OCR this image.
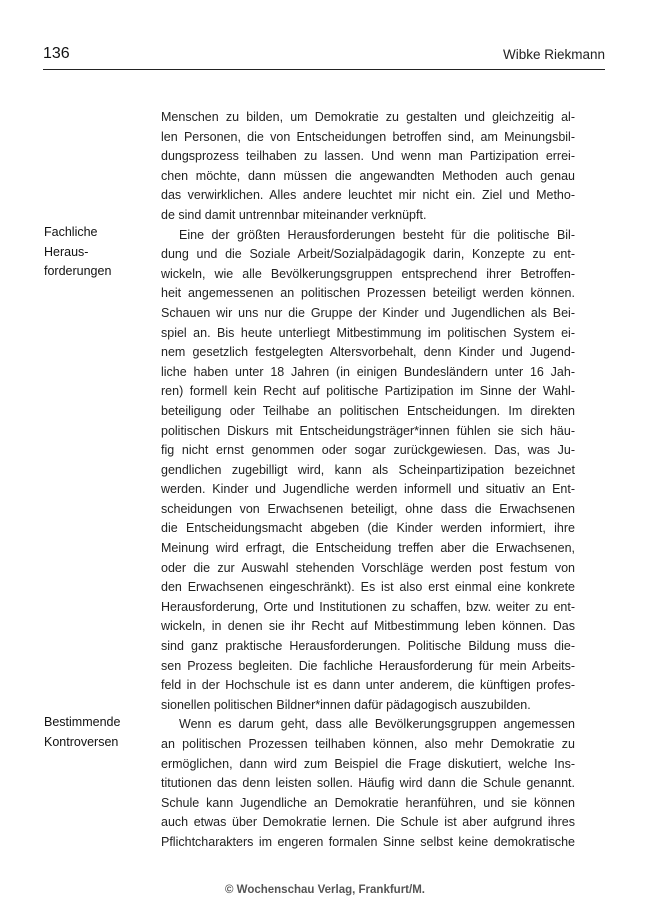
136	Wibke Riekmann
Fachliche
Heraus-
forderungen
Bestimmende
Kontroversen
Menschen zu bilden, um Demokratie zu gestalten und gleichzeitig al-
len Personen, die von Entscheidungen betroffen sind, am Meinungsbil-
dungsprozess teilhaben zu lassen. Und wenn man Partizipation errei-
chen möchte, dann müssen die angewandten Methoden auch genau
das verwirklichen. Alles andere leuchtet mir nicht ein. Ziel und Metho-
de sind damit untrennbar miteinander verknüpft.
Eine der größten Herausforderungen besteht für die politische Bil-
dung und die Soziale Arbeit/Sozialpädagogik darin, Konzepte zu ent-
wickeln, wie alle Bevölkerungsgruppen entsprechend ihrer Betroffen-
heit angemessenen an politischen Prozessen beteiligt werden können.
Schauen wir uns nur die Gruppe der Kinder und Jugendlichen als Bei-
spiel an. Bis heute unterliegt Mitbestimmung im politischen System ei-
nem gesetzlich festgelegten Altersvorbehalt, denn Kinder und Jugend-
liche haben unter 18 Jahren (in einigen Bundesländern unter 16 Jah-
ren) formell kein Recht auf politische Partizipation im Sinne der Wahl-
beteiligung oder Teilhabe an politischen Entscheidungen. Im direkten
politischen Diskurs mit Entscheidungsträger*innen fühlen sie sich häu-
fig nicht ernst genommen oder sogar zurückgewiesen. Das, was Ju-
gendlichen zugebilligt wird, kann als Scheinpartizipation bezeichnet
werden. Kinder und Jugendliche werden informell und situativ an Ent-
scheidungen von Erwachsenen beteiligt, ohne dass die Erwachsenen
die Entscheidungsmacht abgeben (die Kinder werden informiert, ihre
Meinung wird erfragt, die Entscheidung treffen aber die Erwachsenen,
oder die zur Auswahl stehenden Vorschläge werden post festum von
den Erwachsenen eingeschränkt). Es ist also erst einmal eine konkrete
Herausforderung, Orte und Institutionen zu schaffen, bzw. weiter zu ent-
wickeln, in denen sie ihr Recht auf Mitbestimmung leben können. Das
sind ganz praktische Herausforderungen. Politische Bildung muss die-
sen Prozess begleiten. Die fachliche Herausforderung für mein Arbeits-
feld in der Hochschule ist es dann unter anderem, die künftigen profes-
sionellen politischen Bildner*innen dafür pädagogisch auszubilden.
Wenn es darum geht, dass alle Bevölkerungsgruppen angemessen
an politischen Prozessen teilhaben können, also mehr Demokratie zu
ermöglichen, dann wird zum Beispiel die Frage diskutiert, welche Ins-
titutionen das denn leisten sollen. Häufig wird dann die Schule genannt.
Schule kann Jugendliche an Demokratie heranführen, und sie können
auch etwas über Demokratie lernen. Die Schule ist aber aufgrund ihres
Pflichtcharakters im engeren formalen Sinne selbst keine demokratische
© Wochenschau Verlag, Frankfurt/M.
